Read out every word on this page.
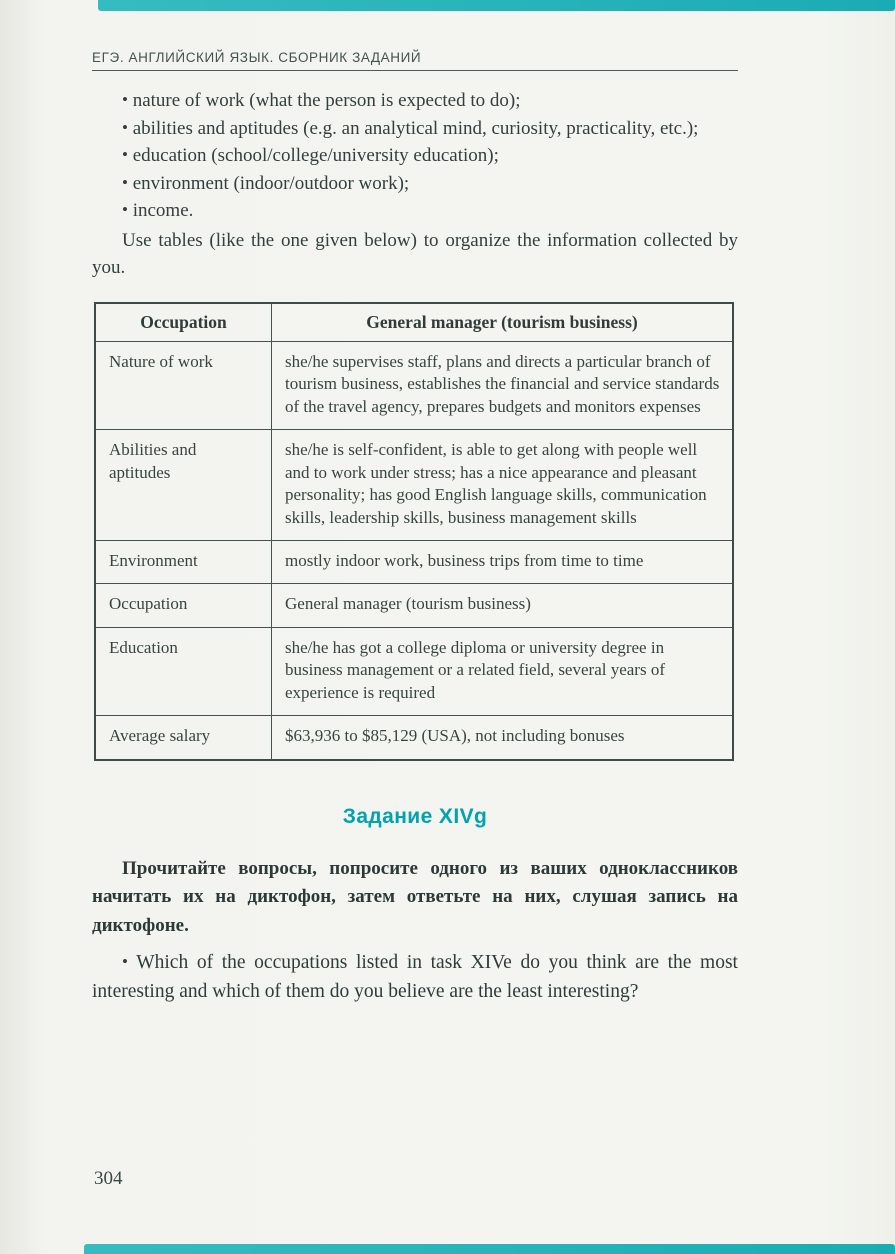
ЕГЭ. АНГЛИЙСКИЙ ЯЗЫК. СБОРНИК ЗАДАНИЙ

• nature of work (what the person is expected to do);

• abilities and aptitudes (e.g. an analytical mind, curiosity, practicality, etc.);

• education (school/college/university education);

• environment (indoor/outdoor work);

• income.

Use tables (like the one given below) to organize the information collected by you.

Occupation	General manager (tourism business)
Nature of work	she/he supervises staff, plans and directs a particular branch of tourism business, establishes the financial and service standards of the travel agency, prepares budgets and monitors expenses
Abilities and aptitudes	she/he is self-confident, is able to get along with people well and to work under stress; has a nice appearance and pleasant personality; has good English language skills, communication skills, leadership skills, business management skills
Environment	mostly indoor work, business trips from time to time
Occupation	General manager (tourism business)
Education	she/he has got a college diploma or university degree in business management or a related field, several years of experience is required
Average salary	$63,936 to $85,129 (USA), not including bonuses
Задание XIVg

Прочитайте вопросы, попросите одного из ваших одноклассников начитать их на диктофон, затем ответьте на них, слушая запись на диктофоне.

• Which of the occupations listed in task XIVe do you think are the most interesting and which of them do you believe are the least interesting?

304
